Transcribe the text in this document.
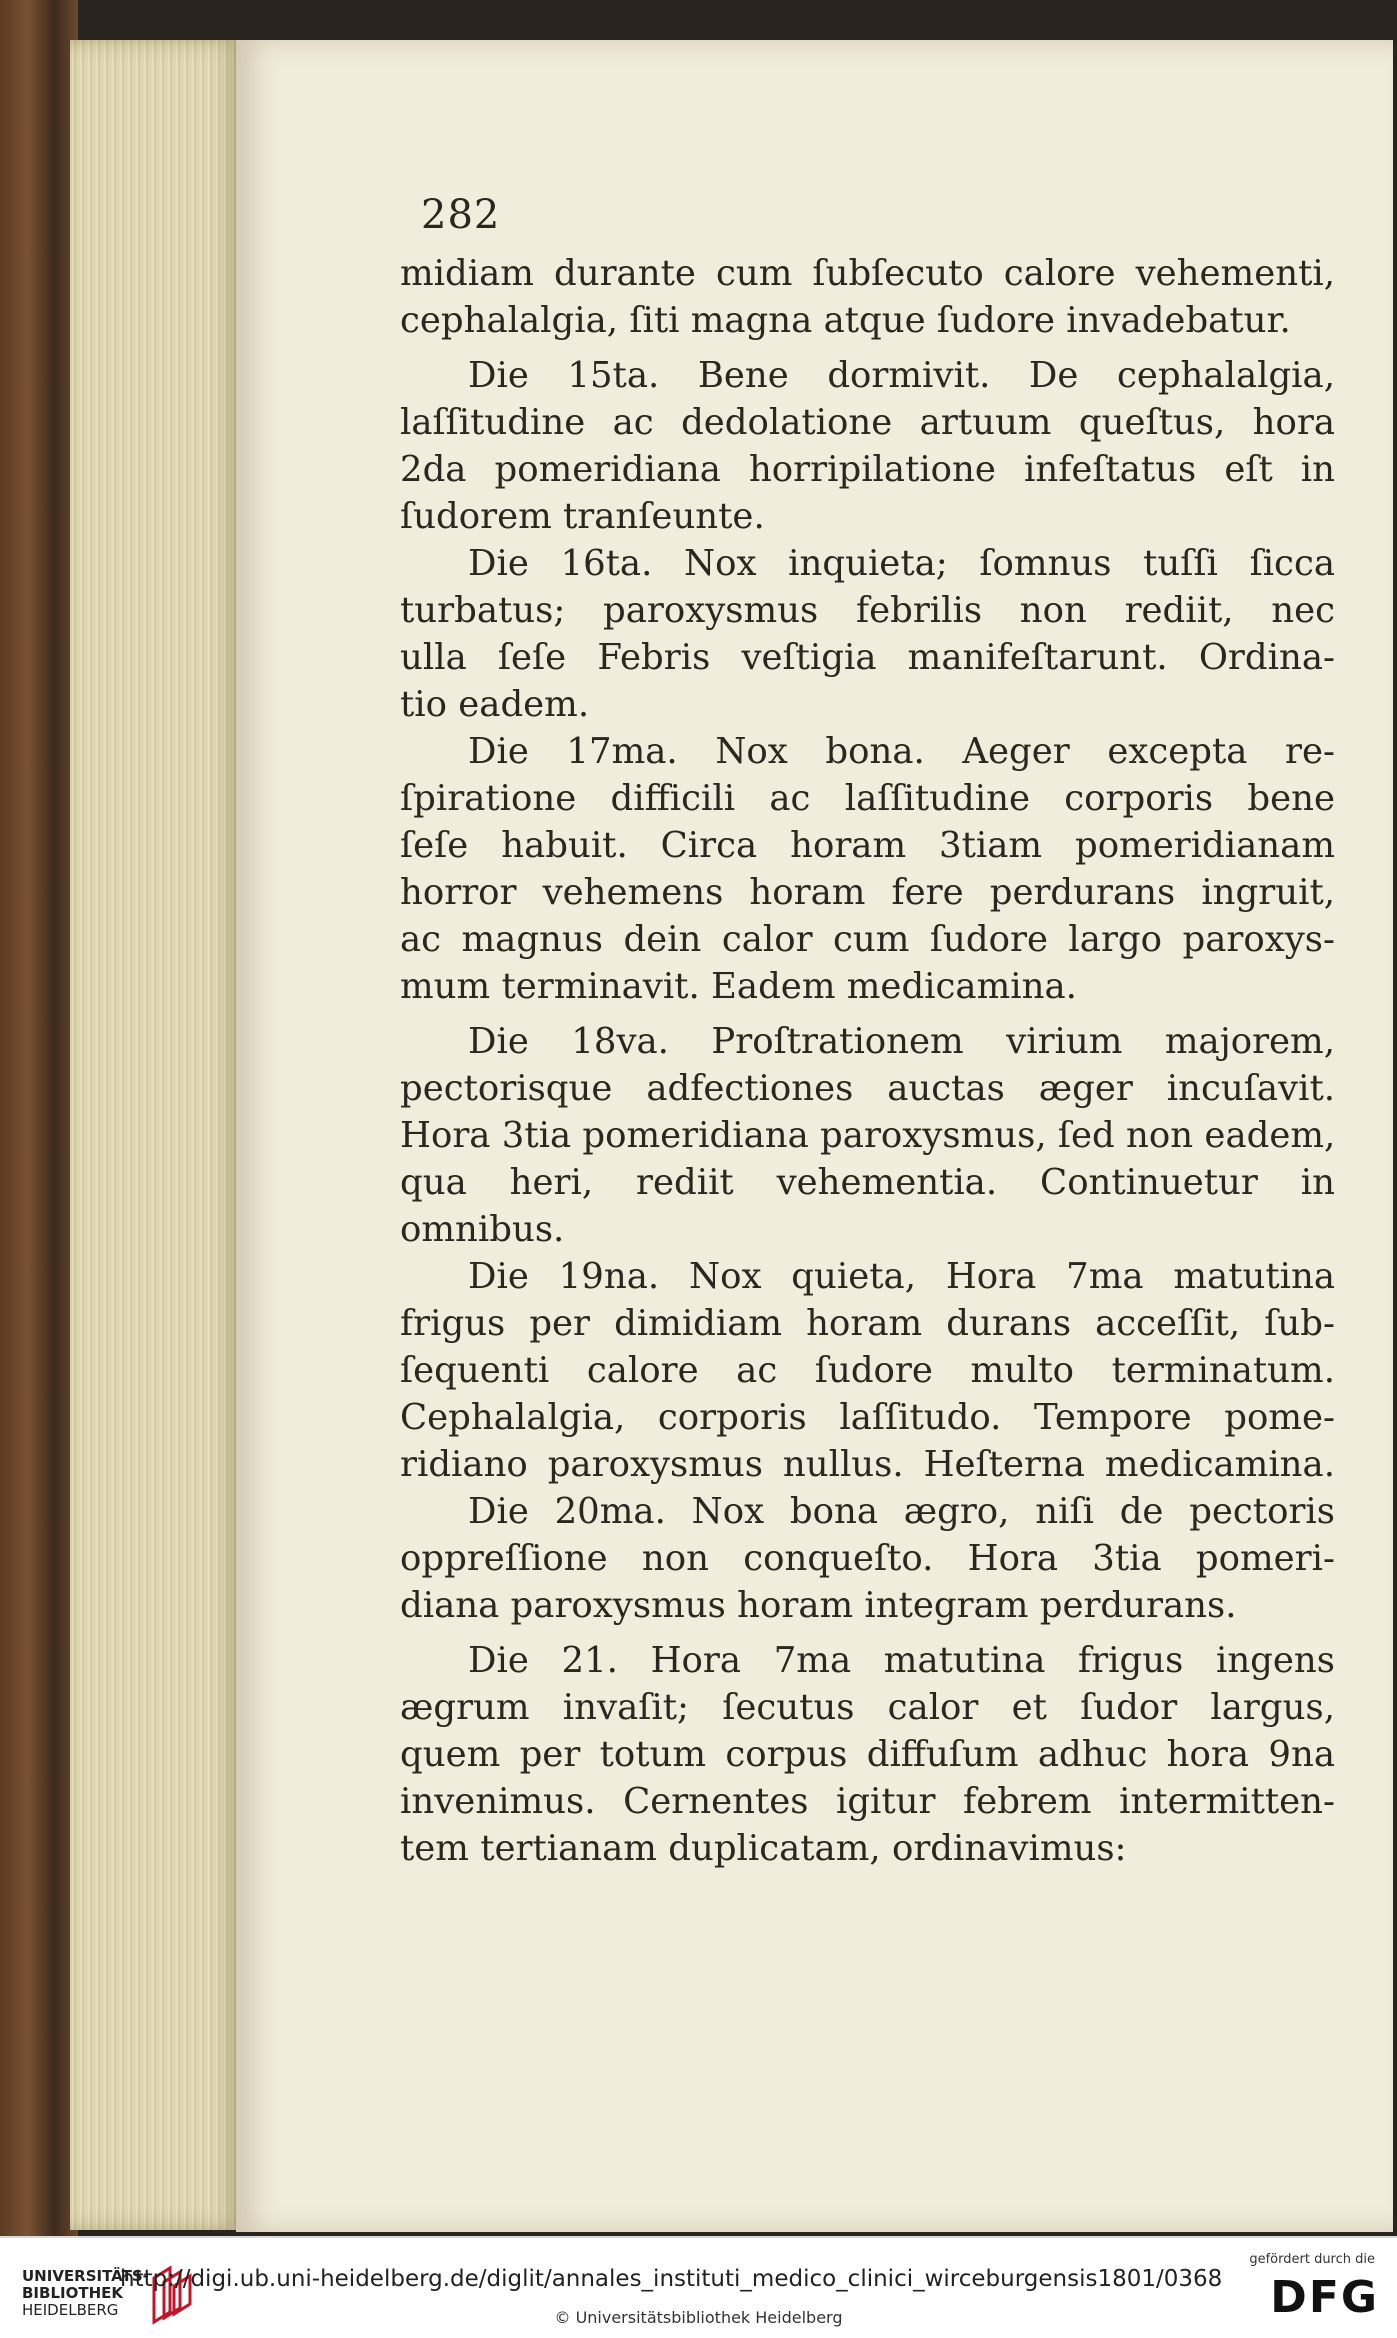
282
midiam durante cum ſubſecuto calore vehementi,
cephalalgia, ſiti magna atque ſudore invadebatur.
Die 15ta. Bene dormivit. De cephalalgia,
laſſitudine ac dedolatione artuum queſtus, hora
2da pomeridiana horripilatione infeſtatus eſt in
ſudorem tranſeunte.
Die 16ta. Nox inquieta; ſomnus tuſſi ſicca
turbatus; paroxysmus febrilis non rediit, nec
ulla ſeſe Febris veſtigia manifeſtarunt. Ordina-
tio eadem.
Die 17ma. Nox bona. Aeger excepta re-
ſpiratione difficili ac laſſitudine corporis bene
ſeſe habuit. Circa horam 3tiam pomeridianam
horror vehemens horam fere perdurans ingruit,
ac magnus dein calor cum ſudore largo paroxys-
mum terminavit. Eadem medicamina.
Die 18va. Proſtrationem virium majorem,
pectorisque adfectiones auctas æger incuſavit.
Hora 3tia pomeridiana paroxysmus, ſed non eadem,
qua heri, rediit vehementia. Continuetur in
omnibus.
Die 19na. Nox quieta, Hora 7ma matutina
frigus per dimidiam horam durans acceſſit, ſub-
ſequenti calore ac ſudore multo terminatum.
Cephalalgia, corporis laſſitudo. Tempore pome-
ridiano paroxysmus nullus. Heſterna medicamina.
Die 20ma. Nox bona ægro, niſi de pectoris
oppreſſione non conqueſto. Hora 3tia pomeri-
diana paroxysmus horam integram perdurans.
Die 21. Hora 7ma matutina frigus ingens
ægrum invaſit; ſecutus calor et ſudor largus,
quem per totum corpus diffuſum adhuc hora 9na
invenimus. Cernentes igitur febrem intermitten-
tem tertianam duplicatam, ordinavimus:
UNIVERSITÄTS-
BIBLIOTHEK
HEIDELBERG
http://digi.ub.uni-heidelberg.de/diglit/annales_instituti_medico_clinici_wirceburgensis1801/0368
© Universitätsbibliothek Heidelberg
gefördert durch die
DFG
